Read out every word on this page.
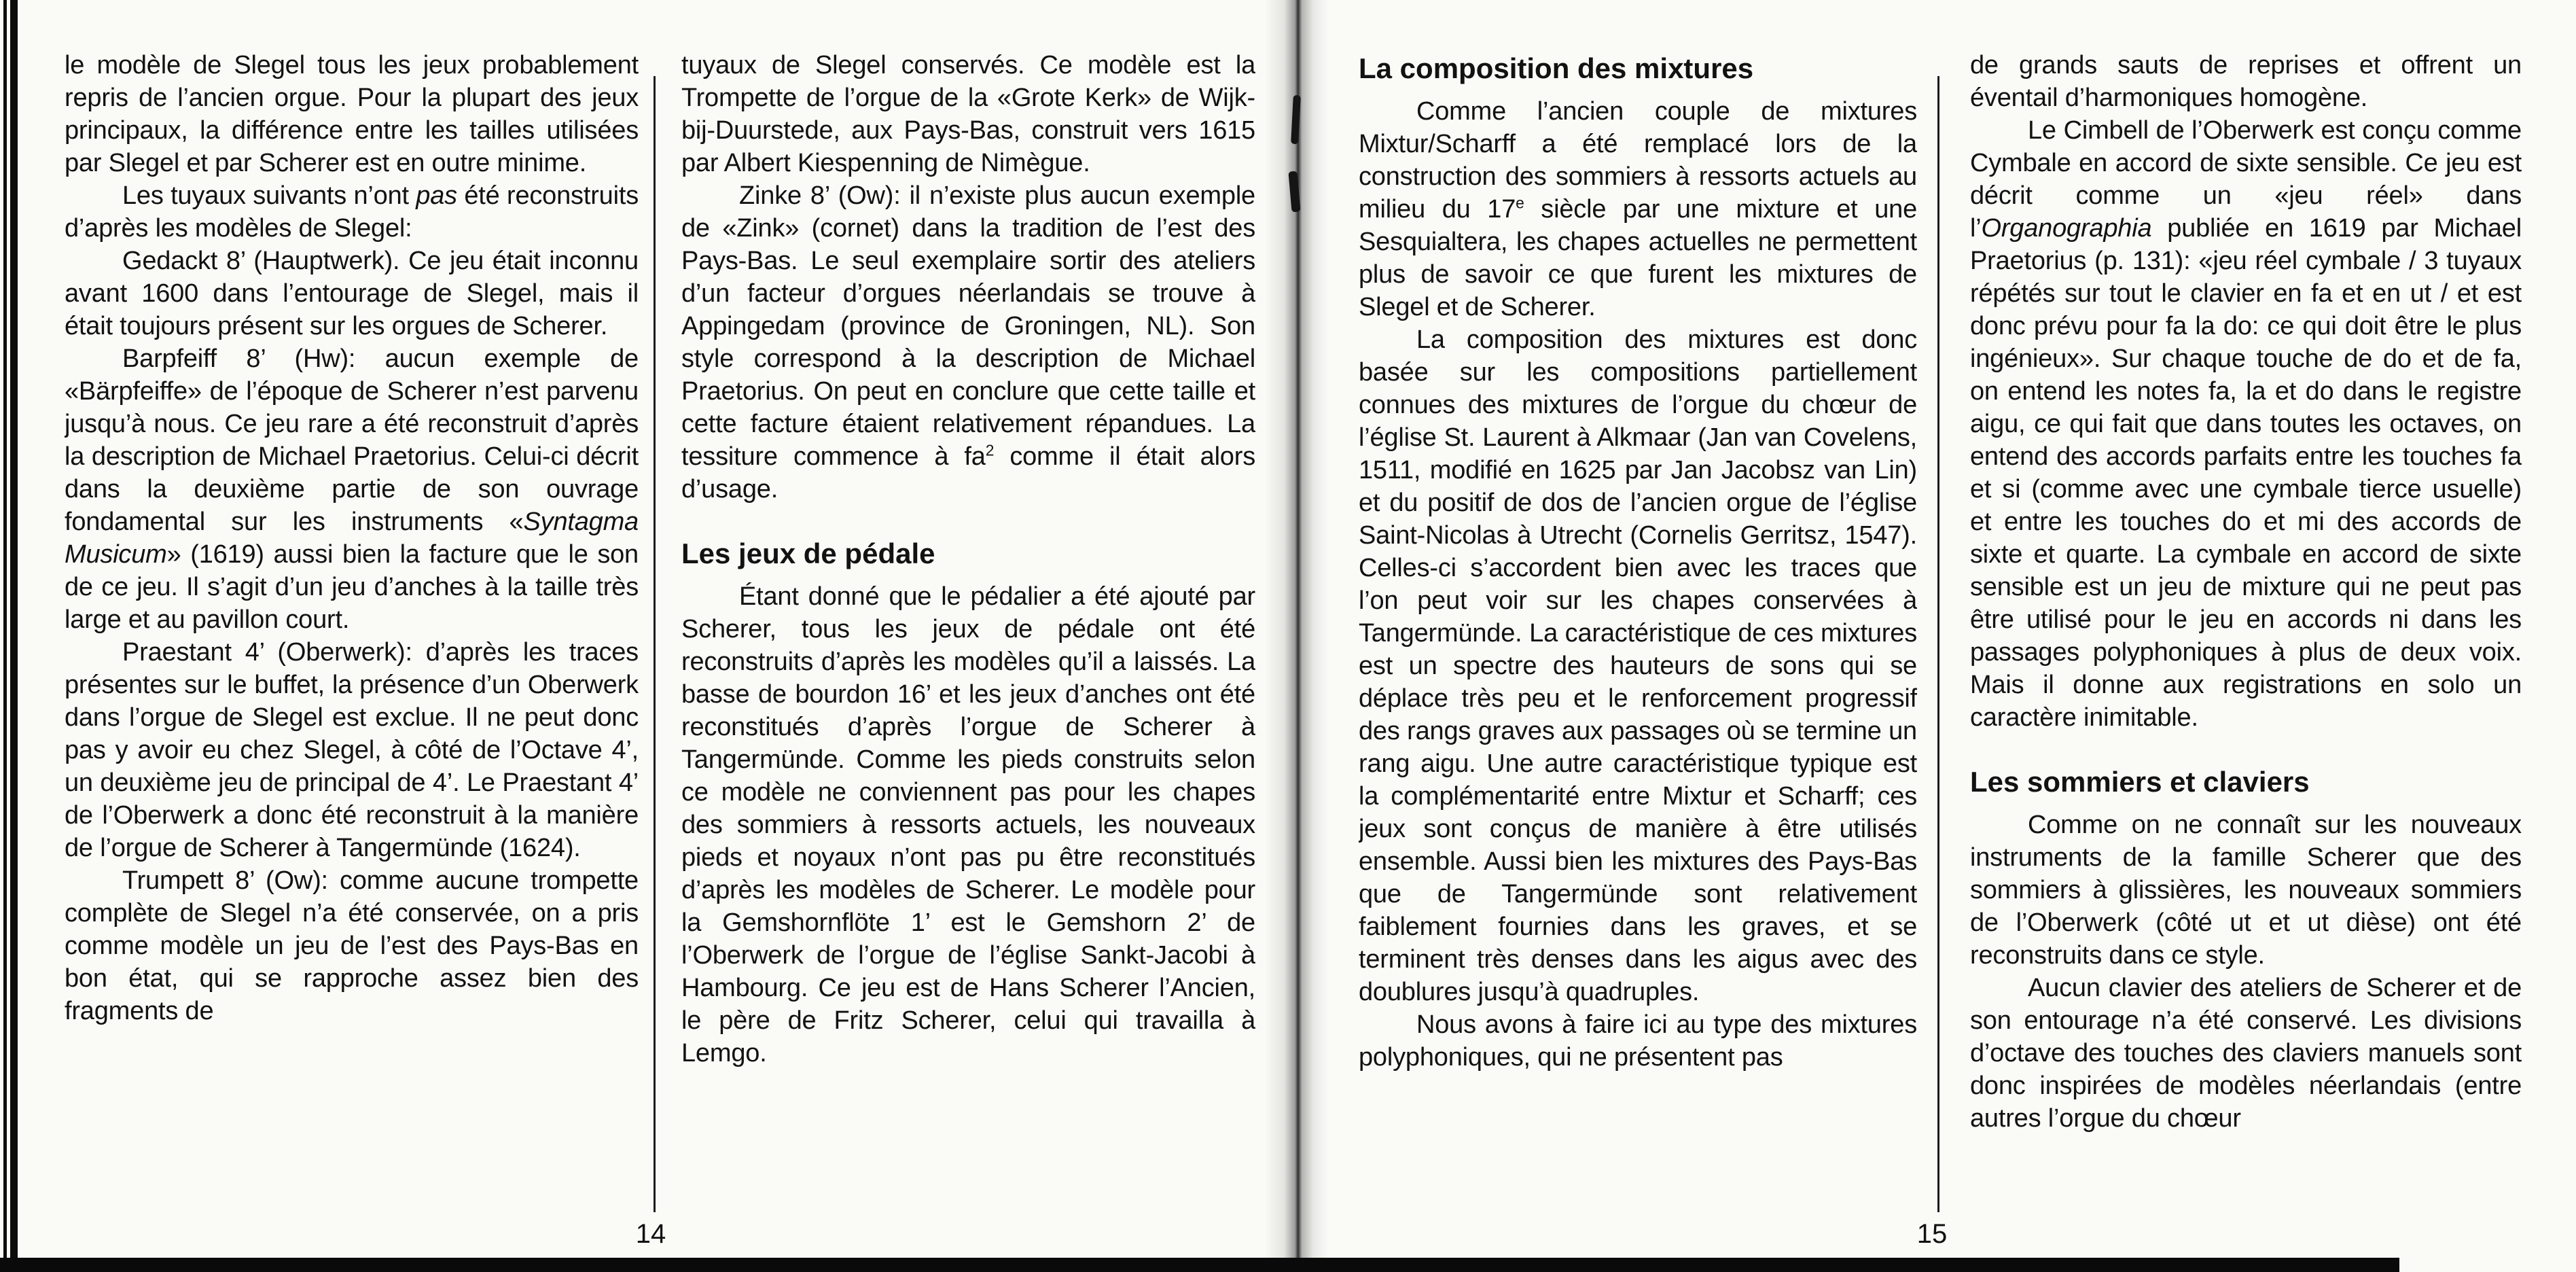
le modèle de Slegel tous les jeux probablement repris de l’ancien orgue. Pour la plupart des jeux principaux, la différence entre les tailles utilisées par Slegel et par Scherer est en outre minime.

Les tuyaux suivants n’ont pas été reconstruits d’après les modèles de Slegel:

Gedackt 8’ (Hauptwerk). Ce jeu était inconnu avant 1600 dans l’entourage de Slegel, mais il était toujours présent sur les orgues de Scherer.

Barpfeiff 8’ (Hw): aucun exemple de «Bärpfeiffe» de l’époque de Scherer n’est parvenu jusqu’à nous. Ce jeu rare a été reconstruit d’après la description de Michael Praetorius. Celui-ci décrit dans la deuxième partie de son ouvrage fondamental sur les instruments «Syntagma Musicum» (1619) aussi bien la facture que le son de ce jeu. Il s’agit d’un jeu d’anches à la taille très large et au pavillon court.

Praestant 4’ (Oberwerk): d’après les traces présentes sur le buffet, la présence d’un Oberwerk dans l’orgue de Slegel est exclue. Il ne peut donc pas y avoir eu chez Slegel, à côté de l’Octave 4’, un deuxième jeu de principal de 4’. Le Praestant 4’ de l’Oberwerk a donc été reconstruit à la manière de l’orgue de Scherer à Tangermünde (1624).

Trumpett 8’ (Ow): comme aucune trompette complète de Slegel n’a été conservée, on a pris comme modèle un jeu de l’est des Pays-Bas en bon état, qui se rapproche assez bien des fragments de

tuyaux de Slegel conservés. Ce modèle est la Trompette de l’orgue de la «Grote Kerk» de Wijk-bij-Duurstede, aux Pays-Bas, construit vers 1615 par Albert Kiespenning de Nimègue.

Zinke 8’ (Ow): il n’existe plus aucun exemple de «Zink» (cornet) dans la tradition de l’est des Pays-Bas. Le seul exemplaire sortir des ateliers d’un facteur d’orgues néerlandais se trouve à Appingedam (province de Groningen, NL). Son style correspond à la description de Michael Praetorius. On peut en conclure que cette taille et cette facture étaient relativement répandues. La tessiture commence à $fa^2$ comme il était alors d’usage.

Les jeux de pédale

Étant donné que le pédalier a été ajouté par Scherer, tous les jeux de pédale ont été reconstruits d’après les modèles qu’il a laissés. La basse de bourdon 16’ et les jeux d’anches ont été reconstitués d’après l’orgue de Scherer à Tangermünde. Comme les pieds construits selon ce modèle ne conviennent pas pour les chapes des sommiers à ressorts actuels, les nouveaux pieds et noyaux n’ont pas pu être reconstitués d’après les modèles de Scherer. Le modèle pour la Gemshornflöte 1’ est le Gemshorn 2’ de l’Oberwerk de l’orgue de l’église Sankt-Jacobi à Hambourg. Ce jeu est de Hans Scherer l’Ancien, le père de Fritz Scherer, celui qui travailla à Lemgo.

14
La composition des mixtures

Comme l’ancien couple de mixtures Mixtur/Scharff a été remplacé lors de la construction des sommiers à ressorts actuels au milieu du 17e siècle par une mixture et une Sesquialtera, les chapes actuelles ne permettent plus de savoir ce que furent les mixtures de Slegel et de Scherer.

La composition des mixtures est donc basée sur les compositions partiellement connues des mixtures de l’orgue du chœur de l’église St. Laurent à Alkmaar (Jan van Covelens, 1511, modifié en 1625 par Jan Jacobsz van Lin) et du positif de dos de l’ancien orgue de l’église Saint-Nicolas à Utrecht (Cornelis Gerritsz, 1547). Celles-ci s’accordent bien avec les traces que l’on peut voir sur les chapes conservées à Tangermünde. La caractéristique de ces mixtures est un spectre des hauteurs de sons qui se déplace très peu et le renforcement progressif des rangs graves aux passages où se termine un rang aigu. Une autre caractéristique typique est la complémentarité entre Mixtur et Scharff; ces jeux sont conçus de manière à être utilisés ensemble. Aussi bien les mixtures des Pays-Bas que de Tangermünde sont relativement faiblement fournies dans les graves, et se terminent très denses dans les aigus avec des doublures jusqu’à quadruples.

Nous avons à faire ici au type des mixtures polyphoniques, qui ne présentent pas

de grands sauts de reprises et offrent un éventail d’harmoniques homogène.

Le Cimbell de l’Oberwerk est conçu comme Cymbale en accord de sixte sensible. Ce jeu est décrit comme un «jeu réel» dans l’Organographia publiée en 1619 par Michael Praetorius (p. 131): «jeu réel cymbale / 3 tuyaux répétés sur tout le clavier en fa et en ut / et est donc prévu pour fa la do: ce qui doit être le plus ingénieux». Sur chaque touche de do et de fa, on entend les notes fa, la et do dans le registre aigu, ce qui fait que dans toutes les octaves, on entend des accords parfaits entre les touches fa et si (comme avec une cymbale tierce usuelle) et entre les touches do et mi des accords de sixte et quarte. La cymbale en accord de sixte sensible est un jeu de mixture qui ne peut pas être utilisé pour le jeu en accords ni dans les passages polyphoniques à plus de deux voix. Mais il donne aux registrations en solo un caractère inimitable.

Les sommiers et claviers

Comme on ne connaît sur les nouveaux instruments de la famille Scherer que des sommiers à glissières, les nouveaux sommiers de l’Oberwerk (côté ut et ut dièse) ont été reconstruits dans ce style.

Aucun clavier des ateliers de Scherer et de son entourage n’a été conservé. Les divisions d’octave des touches des claviers manuels sont donc inspirées de modèles néerlandais (entre autres l’orgue du chœur

15
